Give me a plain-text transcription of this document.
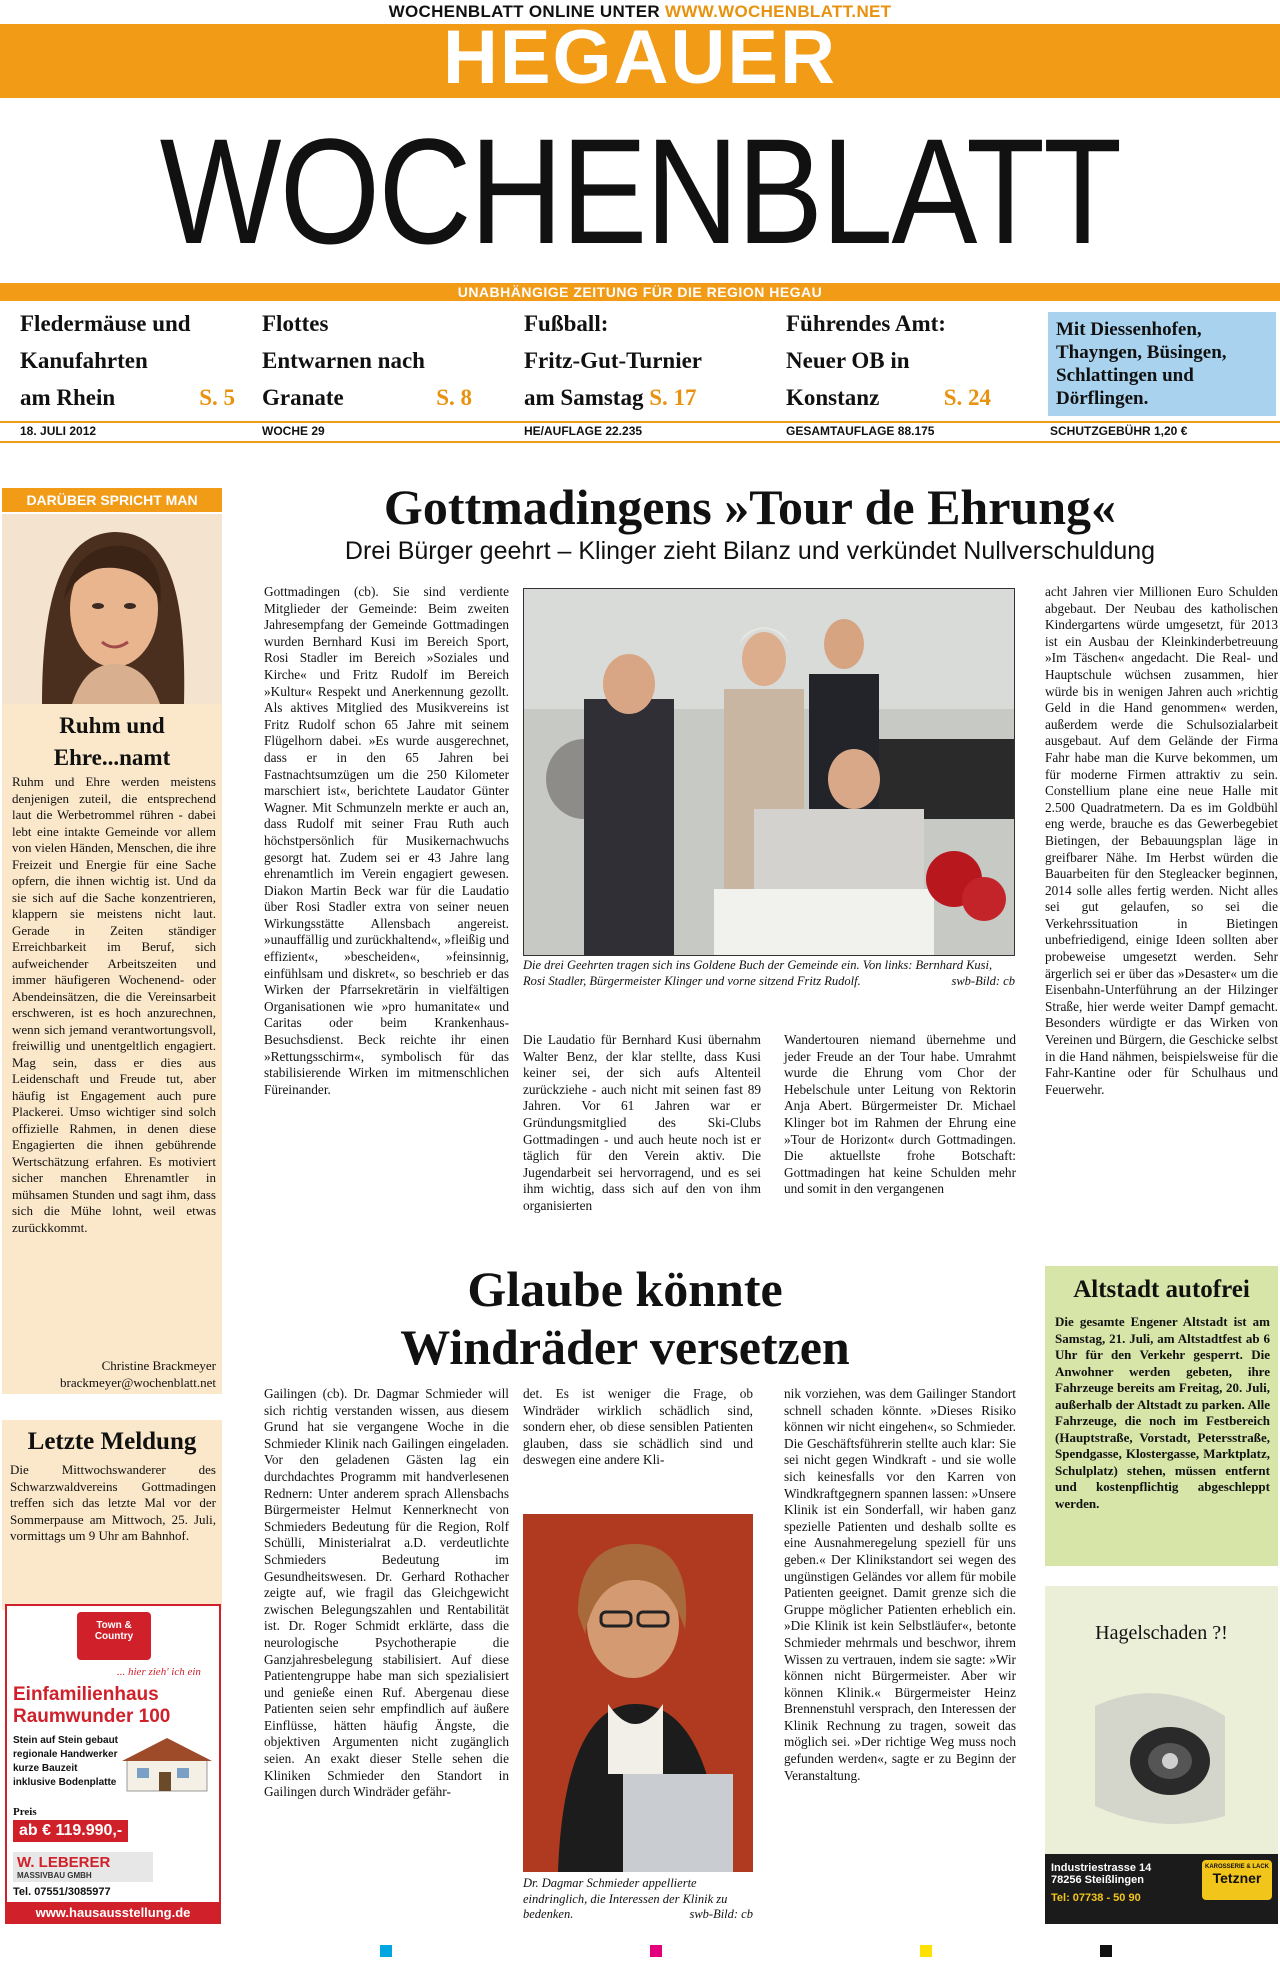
WOCHENBLATT ONLINE UNTER WWW.WOCHENBLATT.NET
HEGAUER
WOCHENBLATT
UNABHÄNGIGE ZEITUNG FÜR DIE REGION HEGAU
Fledermäuse und
Kanufahrten
am Rhein	S. 5
Flottes
Entwarnen nach
Granate	S. 8
Fußball:
Fritz-Gut-Turnier
am Samstag S. 17
Führendes Amt:
Neuer OB in
Konstanz	S. 24
Mit Diessenhofen, Thayngen, Büsingen, Schlattingen und Dörflingen.
18. JULI 2012	WOCHE 29	HE/AUFLAGE 22.235	GESAMTAUFLAGE 88.175	SCHUTZGEBÜHR 1,20 €
DARÜBER SPRICHT MAN
Ruhm und Ehre...namt
Ruhm und Ehre werden meistens denjenigen zuteil, die entsprechend laut die Werbetrommel rühren - dabei lebt eine intakte Gemeinde vor allem von vielen Händen, Menschen, die ihre Freizeit und Energie für eine Sache opfern, die ihnen wichtig ist. Und da sie sich auf die Sache konzentrieren, klappern sie meistens nicht laut. Gerade in Zeiten ständiger Erreichbarkeit im Beruf, sich aufweichender Arbeitszeiten und immer häufigeren Wochenend- oder Abendeinsätzen, die die Vereinsarbeit erschweren, ist es hoch anzurechnen, wenn sich jemand verantwortungsvoll, freiwillig und unentgeltlich engagiert. Mag sein, dass er dies aus Leidenschaft und Freude tut, aber häufig ist Engagement auch pure Plackerei. Umso wichtiger sind solch offizielle Rahmen, in denen diese Engagierten die ihnen gebührende Wertschätzung erfahren. Es motiviert sicher manchen Ehrenamtler in mühsamen Stunden und sagt ihm, dass sich die Mühe lohnt, weil etwas zurückkommt.
Christine Brackmeyer
brackmeyer@wochenblatt.net
Letzte Meldung
Die Mittwochswanderer des Schwarzwaldvereins Gottmadingen treffen sich das letzte Mal vor der Sommerpause am Mittwoch, 25. Juli, vormittags um 9 Uhr am Bahnhof.
Town & Country
... hier zieh' ich ein
Einfamilienhaus
Raumwunder 100
Stein auf Stein gebaut
regionale Handwerker
kurze Bauzeit
inklusive Bodenplatte
Preis
ab € 119.990,-
W. LEBERER
MASSIVBAU GMBH
Tel. 07551/3085977
www.hausausstellung.de
Gottmadingens »Tour de Ehrung«
Drei Bürger geehrt – Klinger zieht Bilanz und verkündet Nullverschuldung
Gottmadingen (cb). Sie sind verdiente Mitglieder der Gemeinde: Beim zweiten Jahresempfang der Gemeinde Gottmadingen wurden Bernhard Kusi im Bereich Sport, Rosi Stadler im Bereich »Soziales und Kirche« und Fritz Rudolf im Bereich »Kultur« Respekt und Anerkennung gezollt. Als aktives Mitglied des Musikvereins ist Fritz Rudolf schon 65 Jahre mit seinem Flügelhorn dabei. »Es wurde ausgerechnet, dass er in den 65 Jahren bei Fastnachtsumzügen um die 250 Kilometer marschiert ist«, berichtete Laudator Günter Wagner. Mit Schmunzeln merkte er auch an, dass Rudolf mit seiner Frau Ruth auch höchstpersönlich für Musikernachwuchs gesorgt hat. Zudem sei er 43 Jahre lang ehrenamtlich im Verein engagiert gewesen. Diakon Martin Beck war für die Laudatio über Rosi Stadler extra von seiner neuen Wirkungsstätte Allensbach angereist. »unauffällig und zurückhaltend«, »fleißig und effizient«, »bescheiden«, »feinsinnig, einfühlsam und diskret«, so beschrieb er das Wirken der Pfarrsekretärin in vielfältigen Organisationen wie »pro humanitate« und Caritas oder beim Krankenhaus-Besuchsdienst. Beck reichte ihr einen »Rettungsschirm«, symbolisch für das stabilisierende Wirken im mitmenschlichen Füreinander.
Die drei Geehrten tragen sich ins Goldene Buch der Gemeinde ein. Von links: Bernhard Kusi, Rosi Stadler, Bürgermeister Klinger und vorne sitzend Fritz Rudolf.	swb-Bild: cb
Die Laudatio für Bernhard Kusi übernahm Walter Benz, der klar stellte, dass Kusi keiner sei, der sich aufs Altenteil zurückziehe - auch nicht mit seinen fast 89 Jahren. Vor 61 Jahren war er Gründungsmitglied des Ski-Clubs Gottmadingen - und auch heute noch ist er täglich für den Verein aktiv. Die Jugendarbeit sei hervorragend, und es sei ihm wichtig, dass sich auf den von ihm organisierten
Wandertouren niemand übernehme und jeder Freude an der Tour habe. Umrahmt wurde die Ehrung vom Chor der Hebelschule unter Leitung von Rektorin Anja Abert. Bürgermeister Dr. Michael Klinger bot im Rahmen der Ehrung eine »Tour de Horizont« durch Gottmadingen. Die aktuellste frohe Botschaft: Gottmadingen hat keine Schulden mehr und somit in den vergangenen
acht Jahren vier Millionen Euro Schulden abgebaut. Der Neubau des katholischen Kindergartens würde umgesetzt, für 2013 ist ein Ausbau der Kleinkinderbetreuung »Im Täschen« angedacht. Die Real- und Hauptschule wüchsen zusammen, hier würde bis in wenigen Jahren auch »richtig Geld in die Hand genommen« werden, außerdem werde die Schulsozialarbeit ausgebaut. Auf dem Gelände der Firma Fahr habe man die Kurve bekommen, um für moderne Firmen attraktiv zu sein. Constellium plane eine neue Halle mit 2.500 Quadratmetern. Da es im Goldbühl eng werde, brauche es das Gewerbegebiet Bietingen, der Bebauungsplan läge in greifbarer Nähe. Im Herbst würden die Bauarbeiten für den Stegleacker beginnen, 2014 solle alles fertig werden. Nicht alles sei gut gelaufen, so sei die Verkehrssituation in Bietingen unbefriedigend, einige Ideen sollten aber probeweise umgesetzt werden. Sehr ärgerlich sei er über das »Desaster« um die Eisenbahn-Unterführung an der Hilzinger Straße, hier werde weiter Dampf gemacht. Besonders würdigte er das Wirken von Vereinen und Bürgern, die Geschicke selbst in die Hand nähmen, beispielsweise für die Fahr-Kantine oder für Schulhaus und Feuerwehr.
Glaube könnte
Windräder versetzen
Gailingen (cb). Dr. Dagmar Schmieder will sich richtig verstanden wissen, aus diesem Grund hat sie vergangene Woche in die Schmieder Klinik nach Gailingen eingeladen. Vor den geladenen Gästen lag ein durchdachtes Programm mit handverlesenen Rednern: Unter anderem sprach Allensbachs Bürgermeister Helmut Kennerknecht von Schmieders Bedeutung für die Region, Rolf Schülli, Ministerialrat a.D. verdeutlichte Schmieders Bedeutung im Gesundheitswesen. Dr. Gerhard Rothacher zeigte auf, wie fragil das Gleichgewicht zwischen Belegungszahlen und Rentabilität ist. Dr. Roger Schmidt erklärte, dass die neurologische Psychotherapie die Ganzjahresbelegung stabilisiert. Auf diese Patientengruppe habe man sich spezialisiert und genieße einen Ruf. Abergenau diese Patienten seien sehr empfindlich auf äußere Einflüsse, hätten häufig Ängste, die objektiven Argumenten nicht zugänglich seien. An exakt dieser Stelle sehen die Kliniken Schmieder den Standort in Gailingen durch Windräder gefähr-
det. Es ist weniger die Frage, ob Windräder wirklich schädlich sind, sondern eher, ob diese sensiblen Patienten glauben, dass sie schädlich sind und deswegen eine andere Kli-
Dr. Dagmar Schmieder appellierte eindringlich, die Interessen der Klinik zu bedenken.	swb-Bild: cb
nik vorziehen, was dem Gailinger Standort schnell schaden könnte. »Dieses Risiko können wir nicht eingehen«, so Schmieder. Die Geschäftsführerin stellte auch klar: Sie sei nicht gegen Windkraft - und sie wolle sich keinesfalls vor den Karren von Windkraftgegnern spannen lassen: »Unsere Klinik ist ein Sonderfall, wir haben ganz spezielle Patienten und deshalb sollte es eine Ausnahmeregelung speziell für uns geben.« Der Klinikstandort sei wegen des ungünstigen Geländes vor allem für mobile Patienten geeignet. Damit grenze sich die Gruppe möglicher Patienten erheblich ein. »Die Klinik ist kein Selbstläufer«, betonte Schmieder mehrmals und beschwor, ihrem Wissen zu vertrauen, indem sie sagte: »Wir können nicht Bürgermeister. Aber wir können Klinik.« Bürgermeister Heinz Brennenstuhl versprach, den Interessen der Klinik Rechnung zu tragen, soweit das möglich sei. »Der richtige Weg muss noch gefunden werden«, sagte er zu Beginn der Veranstaltung.
Altstadt autofrei
Die gesamte Engener Altstadt ist am Samstag, 21. Juli, am Altstadtfest ab 6 Uhr für den Verkehr gesperrt. Die Anwohner werden gebeten, ihre Fahrzeuge bereits am Freitag, 20. Juli, außerhalb der Altstadt zu parken. Alle Fahrzeuge, die noch im Festbereich (Hauptstraße, Vorstadt, Petersstraße, Spendgasse, Klostergasse, Marktplatz, Schulplatz) stehen, müssen entfernt und kostenpflichtig abgeschleppt werden.
Hagelschaden ?!
Industriestrasse 14
78256 Steißlingen
Tel: 07738 - 50 90
KAROSSERIE & LACK
Tetzner
